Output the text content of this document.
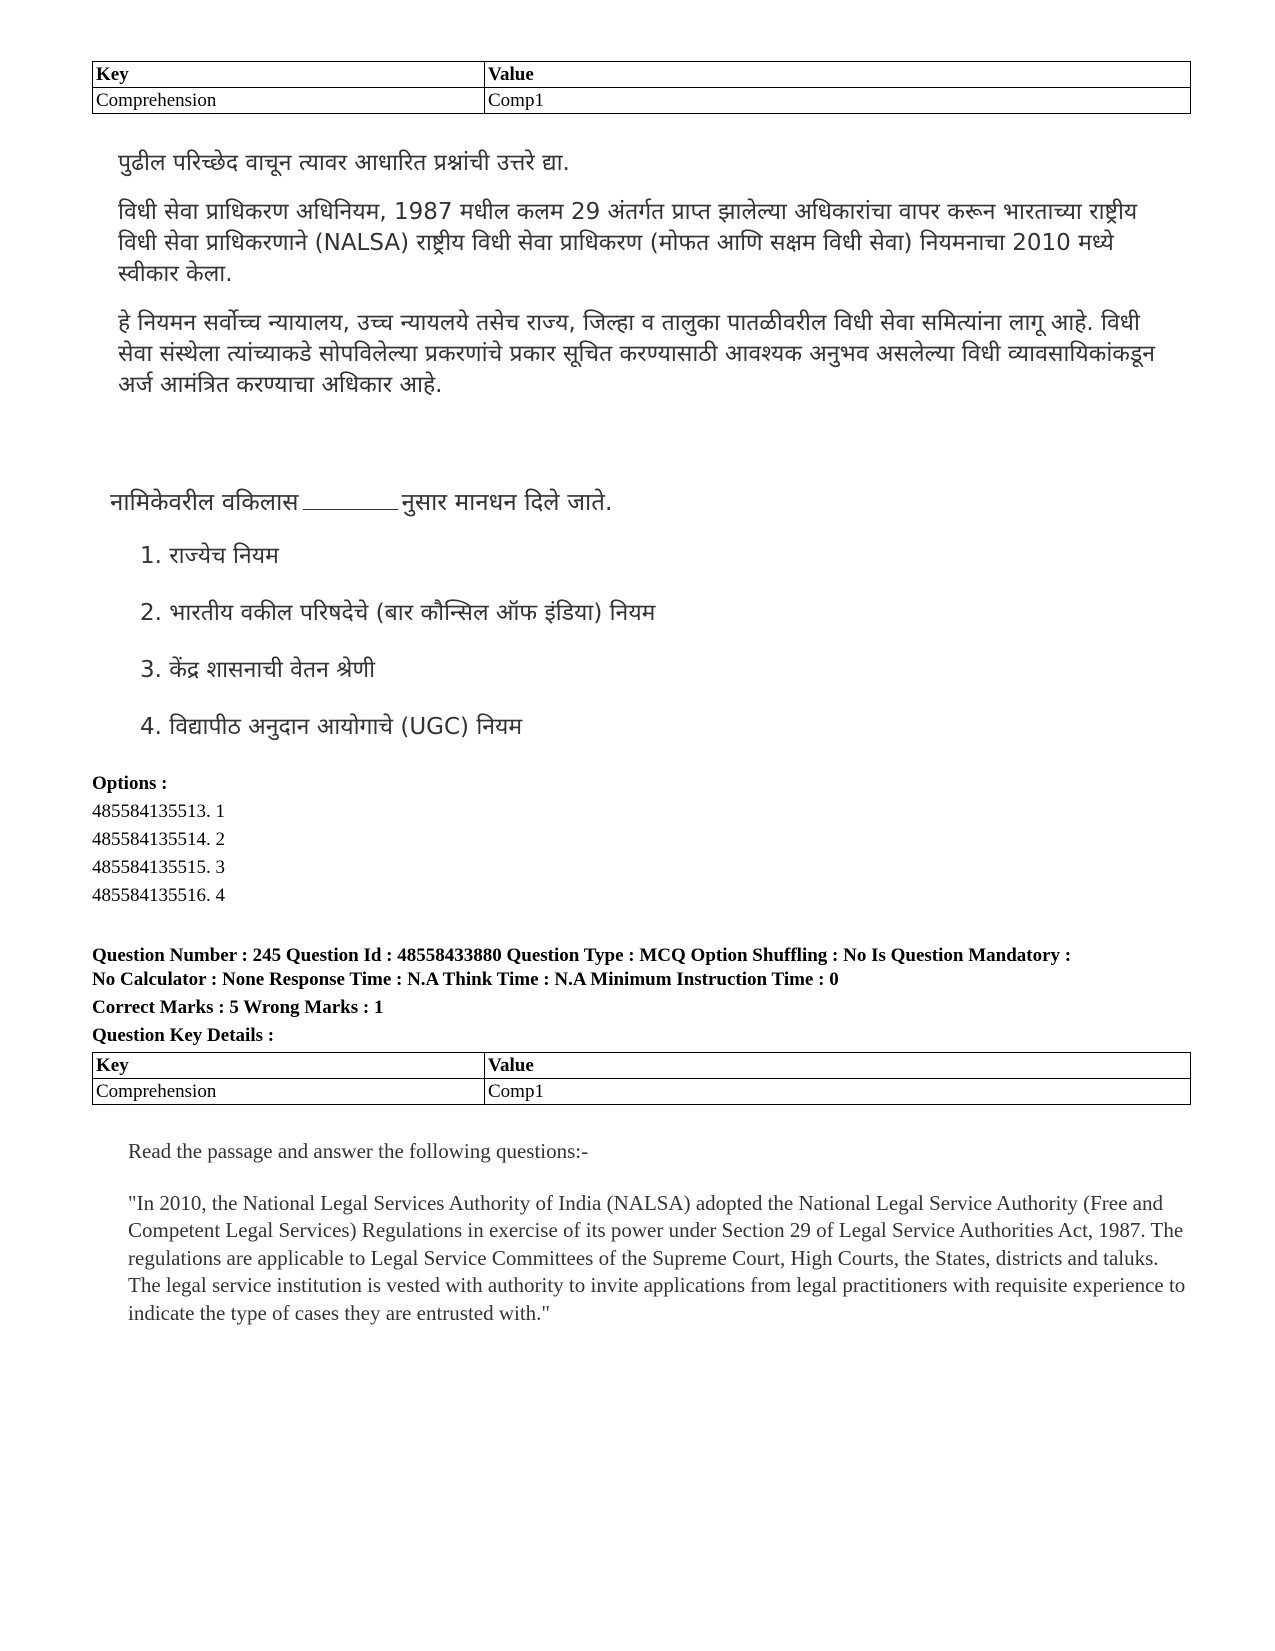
Key	Value
Comprehension	Comp1

पुढील परिच्छेद वाचून त्यावर आधारित प्रश्नांची उत्तरे द्या.

विधी सेवा प्राधिकरण अधिनियम, 1987 मधील कलम 29 अंतर्गत प्राप्त झालेल्या अधिकारांचा वापर करून भारताच्या राष्ट्रीय विधी सेवा प्राधिकरणाने (NALSA) राष्ट्रीय विधी सेवा प्राधिकरण (मोफत आणि सक्षम विधी सेवा) नियमनाचा 2010 मध्ये स्वीकार केला.

हे नियमन सर्वोच्च न्यायालय, उच्च न्यायलये तसेच राज्य, जिल्हा व तालुका पातळीवरील विधी सेवा समित्यांना लागू आहे. विधी सेवा संस्थेला त्यांच्याकडे सोपविलेल्या प्रकरणांचे प्रकार सूचित करण्यासाठी आवश्यक अनुभव असलेल्या विधी व्यावसायिकांकडून अर्ज आमंत्रित करण्याचा अधिकार आहे.

नामिकेवरील वकिलास	नुसार मानधन दिले जाते.
1. राज्येच नियम
2. भारतीय वकील परिषदेचे (बार कौन्सिल ऑफ इंडिया) नियम
3. केंद्र शासनाची वेतन श्रेणी
4. विद्यापीठ अनुदान आयोगाचे (UGC) नियम
Options :
485584135513. 1
485584135514. 2
485584135515. 3
485584135516. 4
Question Number : 245 Question Id : 48558433880 Question Type : MCQ Option Shuffling : No Is Question Mandatory :
No Calculator : None Response Time : N.A Think Time : N.A Minimum Instruction Time : 0
Correct Marks : 5 Wrong Marks : 1
Question Key Details :
Key	Value
Comprehension	Comp1

Read the passage and answer the following questions:-

"In 2010, the National Legal Services Authority of India (NALSA) adopted the National Legal Service Authority (Free and Competent Legal Services) Regulations in exercise of its power under Section 29 of Legal Service Authorities Act, 1987. The regulations are applicable to Legal Service Committees of the Supreme Court, High Courts, the States, districts and taluks. The legal service institution is vested with authority to invite applications from legal practitioners with requisite experience to indicate the type of cases they are entrusted with."
